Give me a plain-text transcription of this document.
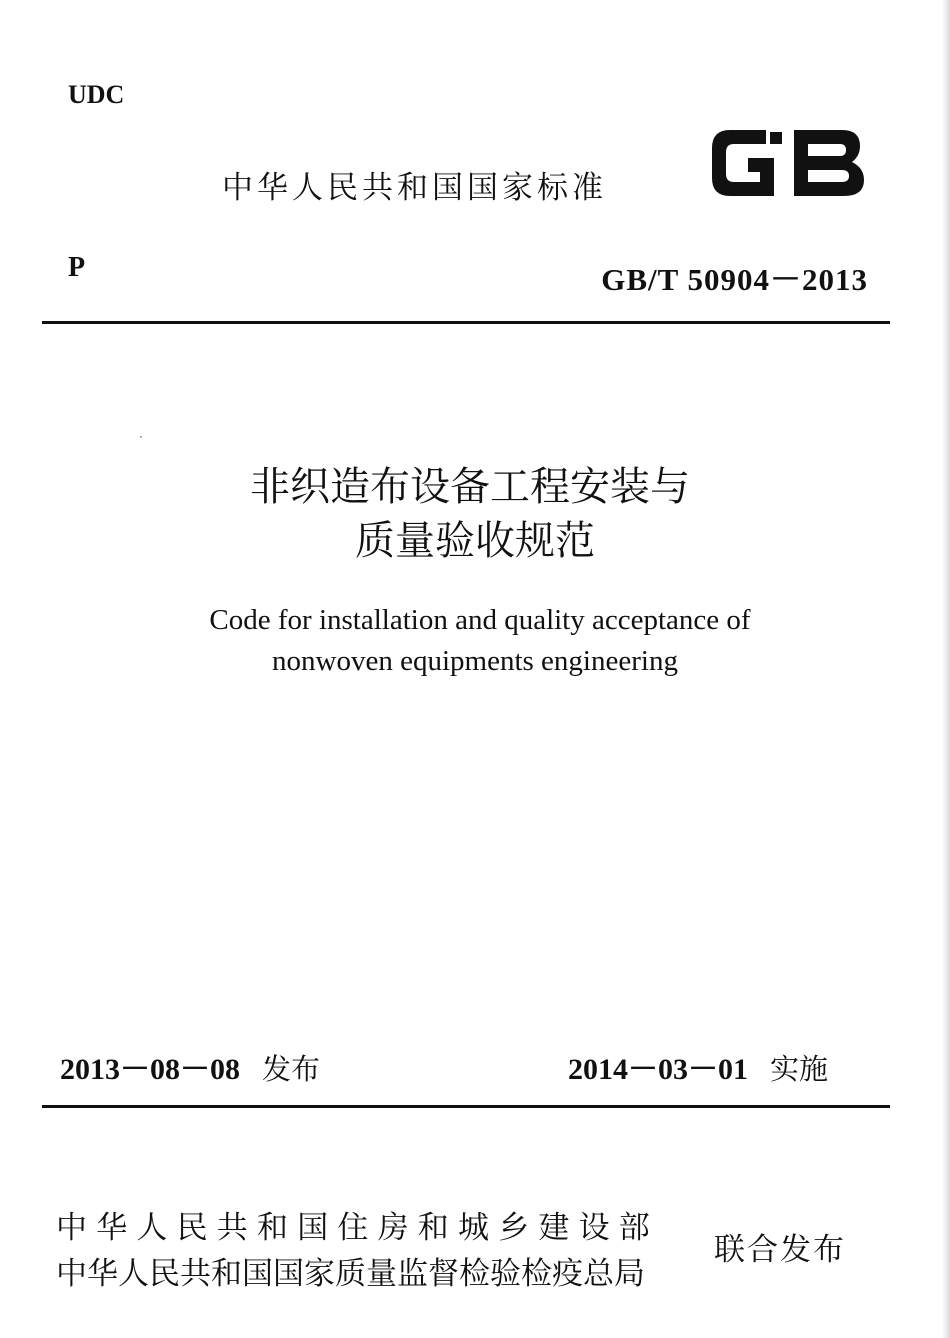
UDC
中华人民共和国国家标准
P	GB/T 50904－2013
非织造布设备工程安装与
质量验收规范
Code for installation and quality acceptance of
nonwoven equipments engineering
2013－08－08 发布	2014－03－01 实施
中华人民共和国住房和城乡建设部
中华人民共和国国家质量监督检验检疫总局
联合发布
